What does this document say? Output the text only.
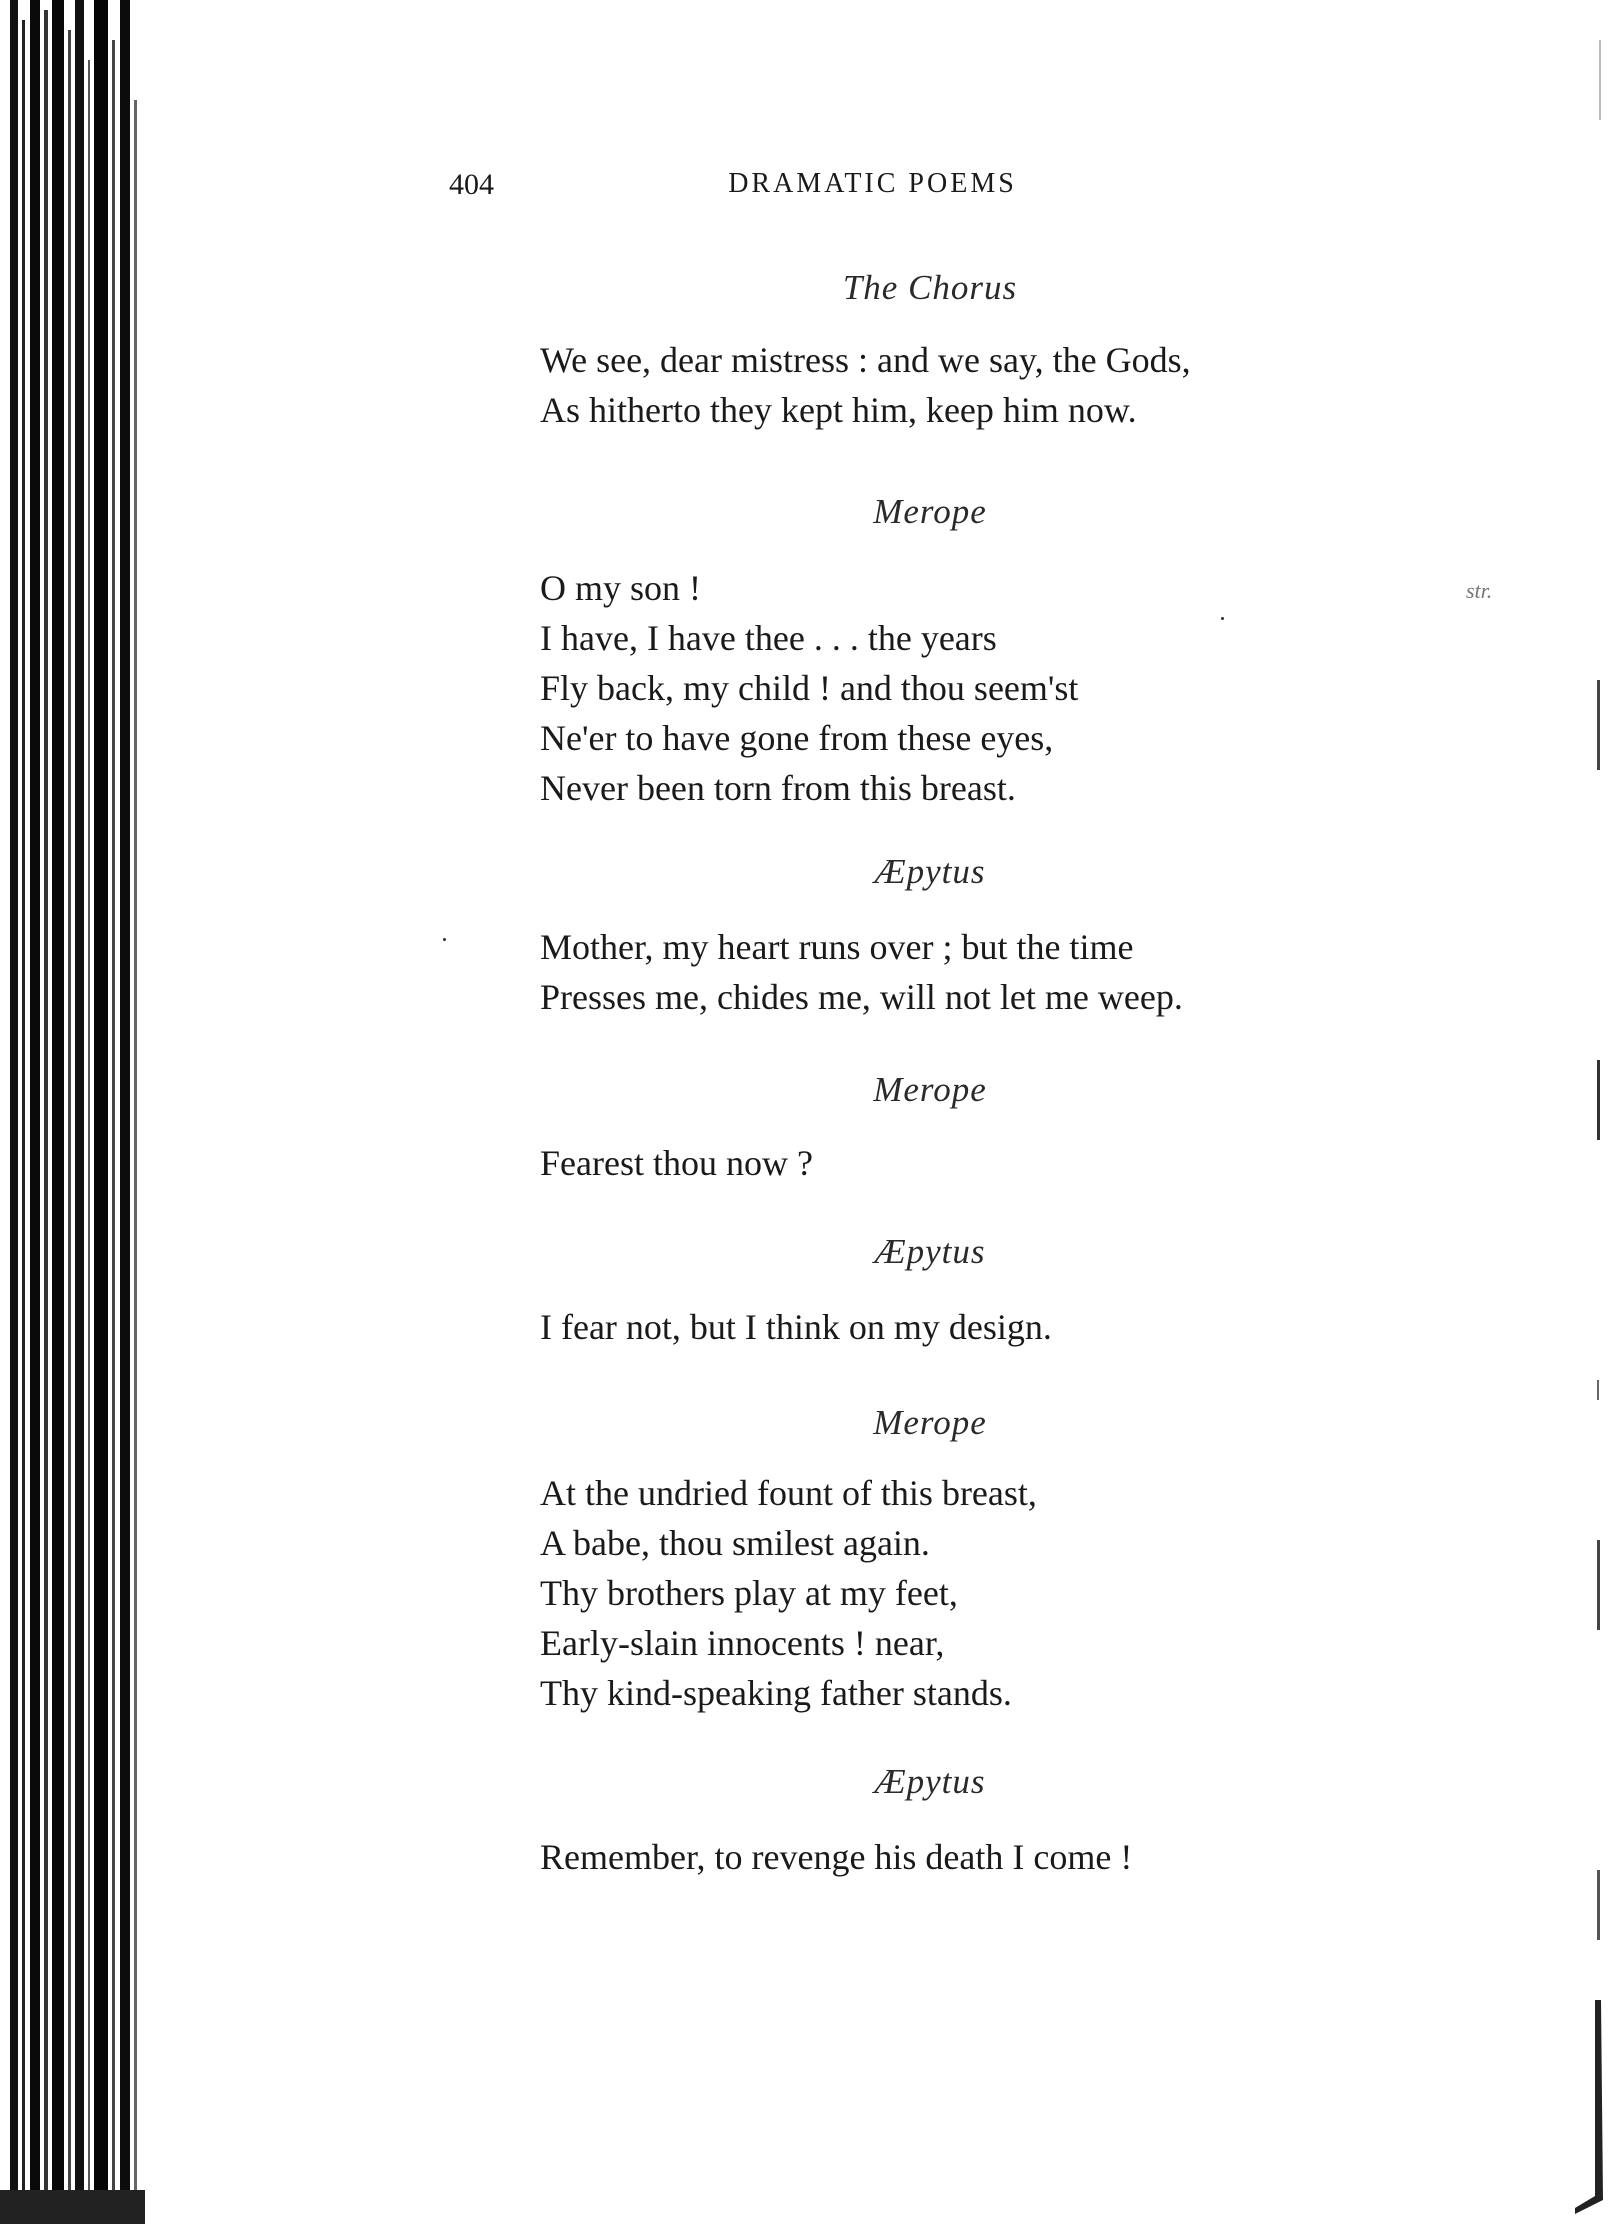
404	DRAMATIC POEMS
str.
The Chorus
We see, dear mistress : and we say, the Gods,
As hitherto they kept him, keep him now.
Merope
O my son !
I have, I have thee . . . the years
Fly back, my child ! and thou seem'st
Ne'er to have gone from these eyes,
Never been torn from this breast.
Æpytus
Mother, my heart runs over ; but the time
Presses me, chides me, will not let me weep.
Merope
Fearest thou now ?
Æpytus
I fear not, but I think on my design.
Merope
At the undried fount of this breast,
A babe, thou smilest again.
Thy brothers play at my feet,
Early-slain innocents ! near,
Thy kind-speaking father stands.
Æpytus
Remember, to revenge his death I come !
